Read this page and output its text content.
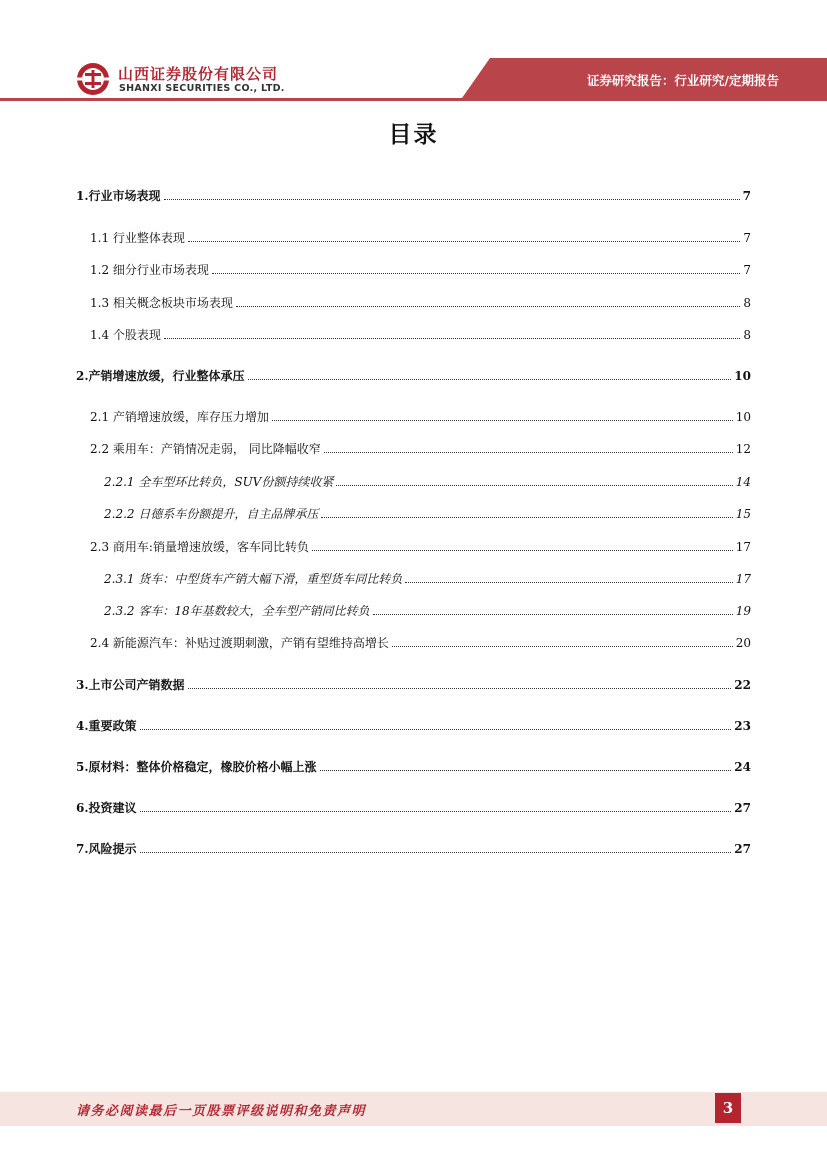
山西证券股份有限公司
SHANXI SECURITIES CO., LTD.
证券研究报告：行业研究/定期报告
目录
1.行业市场表现	7
1.1 行业整体表现	7
1.2 细分行业市场表现	7
1.3 相关概念板块市场表现	8
1.4 个股表现	8
2.产销增速放缓，行业整体承压	10
2.1 产销增速放缓，库存压力增加	10
2.2 乘用车：产销情况走弱， 同比降幅收窄	12
2.2.1 全车型环比转负，SUV份额持续收紧	14
2.2.2 日德系车份额提升，自主品牌承压	15
2.3 商用车:销量增速放缓，客车同比转负	17
2.3.1 货车：中型货车产销大幅下滑，重型货车同比转负	17
2.3.2 客车：18年基数较大，全车型产销同比转负	19
2.4 新能源汽车：补贴过渡期刺激，产销有望维持高增长	20
3.上市公司产销数据	22
4.重要政策	23
5.原材料：整体价格稳定，橡胶价格小幅上涨	24
6.投资建议	27
7.风险提示	27
请务必阅读最后一页股票评级说明和免责声明	3
